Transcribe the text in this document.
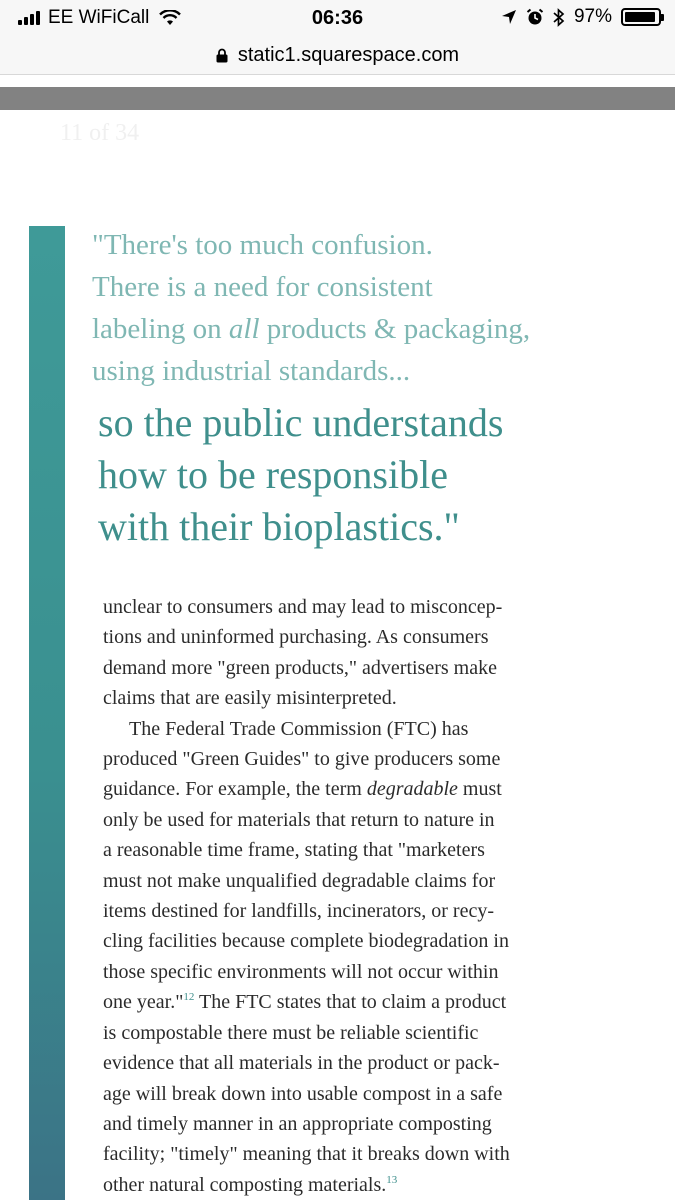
EE WiFiCall	06:36	97%
static1.squarespace.com
11 of 34
"There's too much confusion.
There is a need for consistent
labeling on all products & packaging,
using industrial standards...
so the public understands
how to be responsible
with their bioplastics."
unclear to consumers and may lead to misconcep-
tions and uninformed purchasing. As consumers
demand more "green products," advertisers make
claims that are easily misinterpreted.
The Federal Trade Commission (FTC) has
produced "Green Guides" to give producers some
guidance. For example, the term degradable must
only be used for materials that return to nature in
a reasonable time frame, stating that "marketers
must not make unqualified degradable claims for
items destined for landfills, incinerators, or recy-
cling facilities because complete biodegradation in
those specific environments will not occur within
one year."$^{12}$ The FTC states that to claim a product
is compostable there must be reliable scientific
evidence that all materials in the product or pack-
age will break down into usable compost in a safe
and timely manner in an appropriate composting
facility; "timely" meaning that it breaks down with
other natural composting materials.$^{13}$
